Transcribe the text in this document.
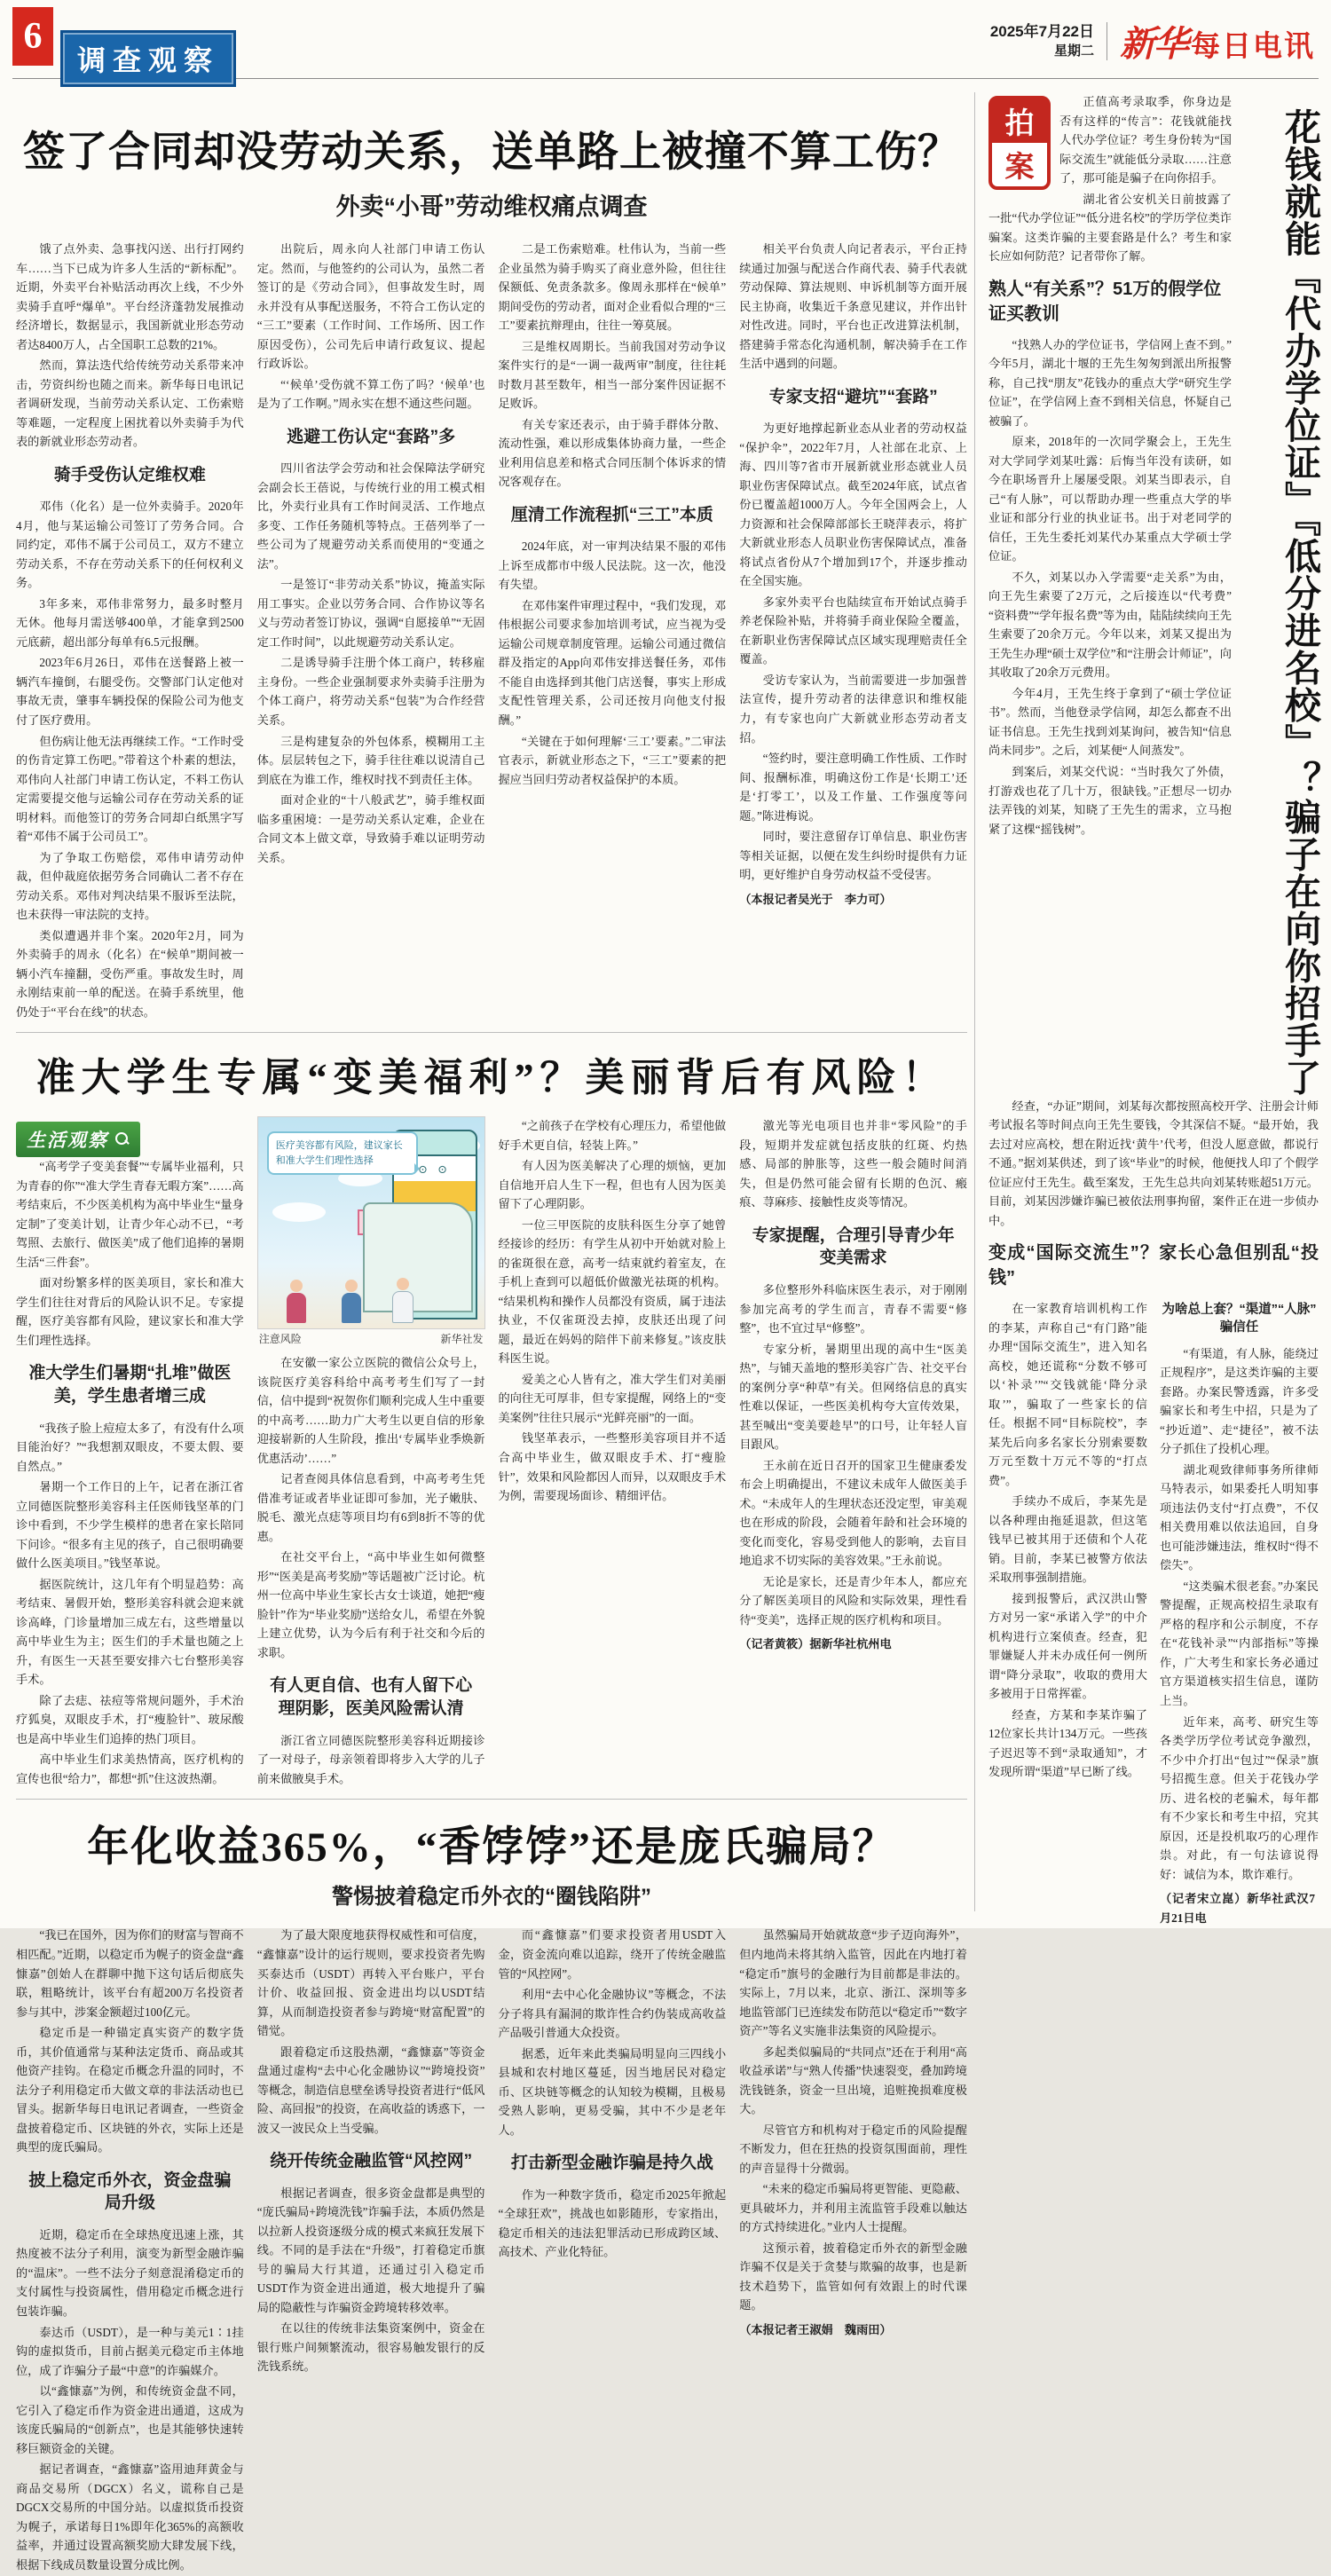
6
调查观察
2025年7月22日
星期二 新华 每日电讯
签了合同却没劳动关系，送单路上被撞不算工伤？
外卖“小哥”劳动维权痛点调查

饿了点外卖、急事找闪送、出行打网约车……当下已成为许多人生活的“新标配”。近期，外卖平台补贴活动再次上线，不少外卖骑手直呼“爆单”。平台经济蓬勃发展推动经济增长，数据显示，我国新就业形态劳动者达8400万人，占全国职工总数的21%。

然而，算法迭代给传统劳动关系带来冲击，劳资纠纷也随之而来。新华每日电讯记者调研发现，当前劳动关系认定、工伤索赔等难题，一定程度上困扰着以外卖骑手为代表的新就业形态劳动者。

骑手受伤认定维权难

邓伟（化名）是一位外卖骑手。2020年4月，他与某运输公司签订了劳务合同。合同约定，邓伟不属于公司员工，双方不建立劳动关系，不存在劳动关系下的任何权利义务。

3年多来，邓伟非常努力，最多时整月无休。他每月需送够400单，才能拿到2500元底薪，超出部分每单有6.5元报酬。

2023年6月26日，邓伟在送餐路上被一辆汽车撞倒，右腿受伤。交警部门认定他对事故无责，肇事车辆投保的保险公司为他支付了医疗费用。

但伤病让他无法再继续工作。“工作时受的伤肯定算工伤吧。”带着这个朴素的想法，邓伟向人社部门申请工伤认定，不料工伤认定需要提交他与运输公司存在劳动关系的证明材料。而他签订的劳务合同却白纸黑字写着“邓伟不属于公司员工”。

为了争取工伤赔偿，邓伟申请劳动仲裁，但仲裁庭依据劳务合同确认二者不存在劳动关系。邓伟对判决结果不服诉至法院，也未获得一审法院的支持。

类似遭遇并非个案。2020年2月，同为外卖骑手的周永（化名）在“候单”期间被一辆小汽车撞翻，受伤严重。事故发生时，周永刚结束前一单的配送。在骑手系统里，他仍处于“平台在线”的状态。

出院后，周永向人社部门申请工伤认定。然而，与他签约的公司认为，虽然二者签订的是《劳动合同》，但事故发生时，周永并没有从事配送服务，不符合工伤认定的“三工”要素（工作时间、工作场所、因工作原因受伤），公司先后申请行政复议、提起行政诉讼。

“‘候单’受伤就不算工伤了吗？‘候单’也是为了工作啊。”周永实在想不通这些问题。

逃避工伤认定“套路”多

四川省法学会劳动和社会保障法学研究会副会长王蓓说，与传统行业的用工模式相比，外卖行业具有工作时间灵活、工作地点多变、工作任务随机等特点。王蓓列举了一些公司为了规避劳动关系而使用的“变通之法”。

一是签订“非劳动关系”协议，掩盖实际用工事实。企业以劳务合同、合作协议等名义与劳动者签订协议，强调“自愿接单”“无固定工作时间”，以此规避劳动关系认定。

二是诱导骑手注册个体工商户，转移雇主身份。一些企业强制要求外卖骑手注册为个体工商户，将劳动关系“包装”为合作经营关系。

三是构建复杂的外包体系，模糊用工主体。层层转包之下，骑手往往难以说清自己到底在为谁工作，维权时找不到责任主体。

面对企业的“十八般武艺”，骑手维权面临多重困境：一是劳动关系认定难，企业在合同文本上做文章，导致骑手难以证明劳动关系。

二是工伤索赔难。杜伟认为，当前一些企业虽然为骑手购买了商业意外险，但往往保额低、免责条款多。像周永那样在“候单”期间受伤的劳动者，面对企业看似合理的“三工”要素抗辩理由，往往一筹莫展。

三是维权周期长。当前我国对劳动争议案件实行的是“一调一裁两审”制度，往往耗时数月甚至数年，相当一部分案件因证据不足败诉。

有关专家还表示，由于骑手群体分散、流动性强，难以形成集体协商力量，一些企业利用信息差和格式合同压制个体诉求的情况客观存在。

厘清工作流程抓“三工”本质

2024年底，对一审判决结果不服的邓伟上诉至成都市中级人民法院。这一次，他没有失望。

在邓伟案件审理过程中，“我们发现，邓伟根据公司要求参加培训考试，应当视为受运输公司规章制度管理。运输公司通过微信群及指定的App向邓伟安排送餐任务，邓伟不能自由选择到其他门店送餐，事实上形成支配性管理关系，公司还按月向他支付报酬。”

“关键在于如何理解‘三工’要素。”二审法官表示，新就业形态之下，“三工”要素的把握应当回归劳动者权益保护的本质。

相关平台负责人向记者表示，平台正持续通过加强与配送合作商代表、骑手代表就劳动保障、算法规则、申诉机制等方面开展民主协商，收集近千条意见建议，并作出针对性改进。同时，平台也正改进算法机制，搭建骑手常态化沟通机制，解决骑手在工作生活中遇到的问题。

专家支招“避坑”“套路”

为更好地撑起新业态从业者的劳动权益“保护伞”，2022年7月，人社部在北京、上海、四川等7省市开展新就业形态就业人员职业伤害保障试点。截至2024年底，试点省份已覆盖超1000万人。今年全国两会上，人力资源和社会保障部部长王晓萍表示，将扩大新就业形态人员职业伤害保障试点，准备将试点省份从7个增加到17个，并逐步推动在全国实施。

多家外卖平台也陆续宣布开始试点骑手养老保险补贴，并将骑手商业保险全覆盖，在新职业伤害保障试点区域实现理赔责任全覆盖。

受访专家认为，当前需要进一步加强普法宣传，提升劳动者的法律意识和维权能力，有专家也向广大新就业形态劳动者支招。

“签约时，要注意明确工作性质、工作时间、报酬标准，明确这份工作是‘长期工’还是‘打零工’，以及工作量、工作强度等问题。”陈进梅说。

同时，要注意留存订单信息、职业伤害等相关证据，以便在发生纠纷时提供有力证明，更好维护自身劳动权益不受侵害。

（本报记者吴光于　李力可）

准大学生专属“变美福利”？美丽背后有风险！
生活观察

“高考学子变美套餐”“专属毕业福利，只为青春的你”“准大学生青春无暇方案”……高考结束后，不少医美机构为高中毕业生“量身定制”了变美计划，让青少年心动不已，“考驾照、去旅行、做医美”成了他们追捧的暑期生活“三件套”。

面对纷繁多样的医美项目，家长和准大学生们往往对背后的风险认识不足。专家提醒，医疗美容都有风险，建议家长和准大学生们理性选择。

准大学生们暑期“扎堆”做医美，学生患者增三成

“我孩子脸上痘痘太多了，有没有什么项目能治好？”“我想割双眼皮，不要太假、要自然点。”

暑期一个工作日的上午，记者在浙江省立同德医院整形美容科主任医师钱坚革的门诊中看到，不少学生模样的患者在家长陪同下问诊。“很多有主见的孩子，自己很明确要做什么医美项目。”钱坚革说。

据医院统计，这几年有个明显趋势：高考结束、暑假开始，整形美容科就会迎来就诊高峰，门诊量增加三成左右，这些增量以高中毕业生为主；医生们的手术量也随之上升，有医生一天甚至要安排六七台整形美容手术。

除了去痣、祛痘等常规问题外，手术治疗狐臭，双眼皮手术，打“瘦脸针”、玻尿酸也是高中毕业生们追捧的热门项目。

高中毕业生们求美热情高，医疗机构的宣传也很“给力”，都想“抓”住这波热潮。

⊙ ⊙
医疗美容都有风险，建议家长和准大学生们理性选择
注意风险	新华社发

在安徽一家公立医院的微信公众号上，该院医疗美容科给中高考考生们写了一封信，信中提到“祝贺你们顺利完成人生中重要的中高考……助力广大考生以更自信的形象迎接崭新的人生阶段，推出‘专属毕业季焕新优惠活动’……”

记者查阅具体信息看到，中高考考生凭借准考证或者毕业证即可参加，光子嫩肤、脱毛、激光点痣等项目均有6到8折不等的优惠。

在社交平台上，“高中毕业生如何微整形”“医美是高考奖励”等话题被广泛讨论。杭州一位高中毕业生家长古女士谈道，她把“瘦脸针”作为“毕业奖励”送给女儿，希望在外貌上建立优势，认为今后有利于社交和今后的求职。

有人更自信、也有人留下心理阴影，医美风险需认清

浙江省立同德医院整形美容科近期接诊了一对母子，母亲领着即将步入大学的儿子前来做腋臭手术。

“之前孩子在学校有心理压力，希望他做好手术更自信，轻装上阵。”

有人因为医美解决了心理的烦恼，更加自信地开启人生下一程，但也有人因为医美留下了心理阴影。

一位三甲医院的皮肤科医生分享了她曾经接诊的经历：有学生从初中开始就对脸上的雀斑很在意，高考一结束就约着室友，在手机上查到可以超低价做激光祛斑的机构。“结果机构和操作人员都没有资质，属于违法执业，不仅雀斑没去掉，皮肤还出现了问题，最近在妈妈的陪伴下前来修复。”该皮肤科医生说。

爱美之心人皆有之，准大学生们对美丽的向往无可厚非，但专家提醒，网络上的“变美案例”往往只展示“光鲜亮丽”的一面。

钱坚革表示，一些整形美容项目并不适合高中毕业生，做双眼皮手术、打“瘦脸针”，效果和风险都因人而异，以双眼皮手术为例，需要现场面诊、精细评估。

激光等光电项目也并非“零风险”的手段，短期并发症就包括皮肤的红斑、灼热感、局部的肿胀等，这些一般会随时间消失，但是仍然可能会留有长期的色沉、瘢痕、荨麻疹、接触性皮炎等情况。

专家提醒，合理引导青少年变美需求

多位整形外科临床医生表示，对于刚刚参加完高考的学生而言，青春不需要“修整”，也不宜过早“修整”。

专家分析，暑期里出现的高中生“医美热”，与铺天盖地的整形美容广告、社交平台的案例分享“种草”有关。但网络信息的真实性难以保证，一些医美机构夸大宣传效果，甚至喊出“变美要趁早”的口号，让年轻人盲目跟风。

王永前在近日召开的国家卫生健康委发布会上明确提出，不建议未成年人做医美手术。“未成年人的生理状态还没定型，审美观也在形成的阶段，会随着年龄和社会环境的变化而变化，容易受到他人的影响，去盲目地追求不切实际的美容效果。”王永前说。

无论是家长，还是青少年本人，都应充分了解医美项目的风险和实际效果，理性看待“变美”，选择正规的医疗机构和项目。

（记者黄筱）据新华社杭州电

年化收益365%，“香饽饽”还是庞氏骗局？
警惕披着稳定币外衣的“圈钱陷阱”

“我已在国外，因为你们的财富与智商不相匹配。”近期，以稳定币为幌子的资金盘“鑫慷嘉”创始人在群聊中抛下这句话后彻底失联，粗略统计，该平台有超200万名投资者参与其中，涉案金额超过100亿元。

稳定币是一种锚定真实资产的数字货币，其价值通常与某种法定货币、商品或其他资产挂钩。在稳定币概念升温的同时，不法分子利用稳定币大做文章的非法活动也已冒头。据新华每日电讯记者调查，一些资金盘披着稳定币、区块链的外衣，实际上还是典型的庞氏骗局。

披上稳定币外衣，资金盘骗局升级

近期，稳定币在全球热度迅速上涨，其热度被不法分子利用，演变为新型金融诈骗的“温床”。一些不法分子刻意混淆稳定币的支付属性与投资属性，借用稳定币概念进行包装诈骗。

泰达币（USDT），是一种与美元1∶1挂钩的虚拟货币，目前占据美元稳定币主体地位，成了诈骗分子最“中意”的诈骗媒介。

以“鑫慷嘉”为例，和传统资金盘不同，它引入了稳定币作为资金进出通道，这成为该庞氏骗局的“创新点”，也是其能够快速转移巨额资金的关键。

据记者调查，“鑫慷嘉”盗用迪拜黄金与商品交易所（DGCX）名义，谎称自己是DGCX交易所的中国分站。以虚拟货币投资为幌子，承诺每日1%即年化365%的高额收益率，并通过设置高额奖励大肆发展下线，根据下线成员数量设置分成比例。

为了最大限度地获得权威性和可信度，“鑫慷嘉”设计的运行规则，要求投资者先购买泰达币（USDT）再转入平台账户，平台计价、收益回报、资金进出均以USDT结算，从而制造投资者参与跨境“财富配置”的错觉。

跟着稳定币这股热潮，“鑫慷嘉”等资金盘通过虚构“去中心化金融协议”“跨境投资”等概念，制造信息壁垒诱导投资者进行“低风险、高回报”的投资，在高收益的诱惑下，一波又一波民众上当受骗。

绕开传统金融监管“风控网”

根据记者调查，很多资金盘都是典型的“庞氏骗局+跨境洗钱”诈骗手法，本质仍然是以拉新人投资逐级分成的模式来疯狂发展下线。不同的是手法在“升级”，打着稳定币旗号的骗局大行其道，还通过引入稳定币USDT作为资金进出通道，极大地提升了骗局的隐蔽性与诈骗资金跨境转移效率。

在以往的传统非法集资案例中，资金在银行账户间频繁流动，很容易触发银行的反洗钱系统。

而“鑫慷嘉”们要求投资者用USDT入金，资金流向难以追踪，绕开了传统金融监管的“风控网”。

利用“去中心化金融协议”等概念，不法分子将具有漏洞的欺诈性合约伪装成高收益产品吸引普通大众投资。

据悉，近年来此类骗局明显向三四线小县城和农村地区蔓延，因当地居民对稳定币、区块链等概念的认知较为模糊，且极易受熟人影响，更易受骗，其中不少是老年人。

打击新型金融诈骗是持久战

作为一种数字货币，稳定币2025年掀起“全球狂欢”，挑战也如影随形，专家指出，稳定币相关的违法犯罪活动已形成跨区域、高技术、产业化特征。

虽然骗局开始就故意“步子迈向海外”，但内地尚未将其纳入监管，因此在内地打着“稳定币”旗号的金融行为目前都是非法的。实际上，7月以来，北京、浙江、深圳等多地监管部门已连续发布防范以“稳定币”“数字资产”等名义实施非法集资的风险提示。

多起类似骗局的“共同点”还在于利用“高收益承诺”与“熟人传播”快速裂变，叠加跨境洗钱链条，资金一旦出境，追赃挽损难度极大。

尽管官方和机构对于稳定币的风险提醒不断发力，但在狂热的投资氛围面前，理性的声音显得十分微弱。

“未来的稳定币骗局将更智能、更隐蔽、更具破坏力，并利用主流监管手段难以触达的方式持续进化。”业内人士提醒。

这预示着，披着稳定币外衣的新型金融诈骗不仅是关于贪婪与欺骗的故事，也是新技术趋势下，监管如何有效跟上的时代课题。

（本报记者王淑娟　魏雨田）

拍
案

正值高考录取季，你身边是否有这样的“传言”：花钱就能找人代办学位证？考生身份转为“国际交流生”就能低分录取……注意了，那可能是骗子在向你招手。

湖北省公安机关日前披露了一批“代办学位证”“低分进名校”的学历学位类诈骗案。这类诈骗的主要套路是什么？考生和家长应如何防范？记者带你了解。

熟人“有关系”？51万的假学位证买教训

“找熟人办的学位证书，学信网上查不到。”今年5月，湖北十堰的王先生匆匆到派出所报警称，自己找“朋友”花钱办的重点大学“研究生学位证”，在学信网上查不到相关信息，怀疑自己被骗了。

原来，2018年的一次同学聚会上，王先生对大学同学刘某吐露：后悔当年没有读研，如今在职场晋升上屡屡受限。刘某当即表示，自己“有人脉”，可以帮助办理一些重点大学的毕业证和部分行业的执业证书。出于对老同学的信任，王先生委托刘某代办某重点大学硕士学位证。

不久，刘某以办入学需要“走关系”为由，向王先生索要了2万元，之后接连以“代考费”“资料费”“学年报名费”等为由，陆陆续续向王先生索要了20余万元。今年以来，刘某又提出为王先生办理“硕士双学位”和“注册会计师证”，向其收取了20余万元费用。

今年4月，王先生终于拿到了“硕士学位证书”。然而，当他登录学信网，却怎么都查不出证书信息。王先生找到刘某询问，被告知“信息尚未同步”。之后，刘某便“人间蒸发”。

到案后，刘某交代说：“当时我欠了外债，打游戏也花了几十万，很缺钱。”正想尽一切办法弄钱的刘某，知晓了王先生的需求，立马抱紧了这棵“摇钱树”。	花钱就能『代办学位证』『低分进名校』？骗子在向你招手了

经查，“办证”期间，刘某每次都按照高校开学、注册会计师考试报名等时间点向王先生要钱，令其深信不疑。“最开始，我去过对应高校，想在附近找‘黄牛’代考，但没人愿意做，都说行不通。”据刘某供述，到了该“毕业”的时候，他便找人印了个假学位证应付王先生。截至案发，王先生总共向刘某转账超51万元。目前，刘某因涉嫌诈骗已被依法刑事拘留，案件正在进一步侦办中。

变成“国际交流生”？家长心急但别乱“投钱”

在一家教育培训机构工作的李某，声称自己“有门路”能办理“国际交流生”，进入知名高校，她还谎称“分数不够可以‘补录’”“交钱就能‘降分录取’”，骗取了一些家长的信任。根据不同“目标院校”，李某先后向多名家长分别索要数万元至数十万元不等的“打点费”。

手续办不成后，李某先是以各种理由拖延退款，但这笔钱早已被其用于还债和个人花销。目前，李某已被警方依法采取刑事强制措施。

接到报警后，武汉洪山警方对另一家“承诺入学”的中介机构进行立案侦查。经查，犯罪嫌疑人并未办成任何一例所谓“降分录取”，收取的费用大多被用于日常挥霍。

经查，方某和李某诈骗了12位家长共计134万元。一些孩子迟迟等不到“录取通知”，才发现所谓“渠道”早已断了线。

为啥总上套？“渠道”“人脉”骗信任

“有渠道，有人脉，能绕过正规程序”，是这类诈骗的主要套路。办案民警透露，许多受骗家长和考生中招，只是为了“抄近道”、走“捷径”，被不法分子抓住了投机心理。

湖北观致律师事务所律师马特表示，如果委托人明知事项违法仍支付“打点费”，不仅相关费用难以依法追回，自身也可能涉嫌违法，维权时“得不偿失”。

“这类骗术很老套。”办案民警提醒，正规高校招生录取有严格的程序和公示制度，不存在“花钱补录”“内部指标”等操作，广大考生和家长务必通过官方渠道核实招生信息，谨防上当。

近年来，高考、研究生等各类学历学位考试竞争激烈，不少中介打出“包过”“保录”旗号招揽生意。但关于花钱办学历、进名校的老骗术，每年都有不少家长和考生中招，究其原因，还是投机取巧的心理作祟。对此，有一句法谚说得好：诚信为本，欺诈难行。

（记者宋立崑）新华社武汉7月21日电
